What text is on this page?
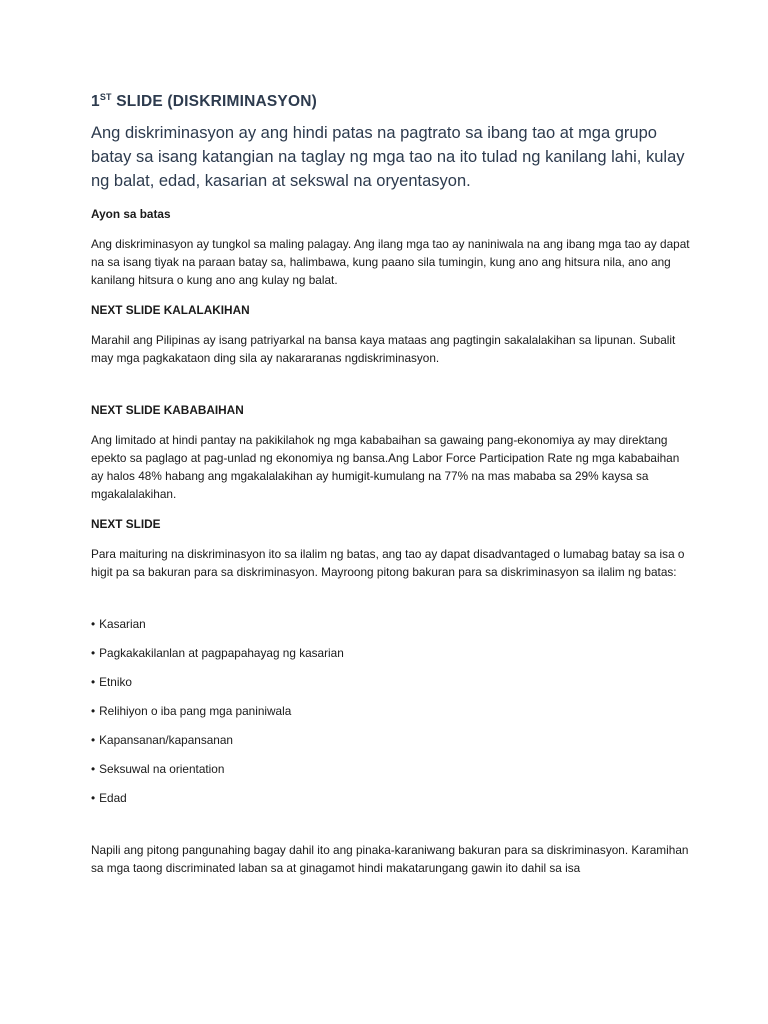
1ST SLIDE (DISKRIMINASYON)

Ang diskriminasyon ay ang hindi patas na pagtrato sa ibang tao at mga grupo batay sa isang katangian na taglay ng mga tao na ito tulad ng kanilang lahi, kulay ng balat, edad, kasarian at sekswal na oryentasyon.

Ayon sa batas

Ang diskriminasyon ay tungkol sa maling palagay. Ang ilang mga tao ay naniniwala na ang ibang mga tao ay dapat na sa isang tiyak na paraan batay sa, halimbawa, kung paano sila tumingin, kung ano ang hitsura nila, ano ang kanilang hitsura o kung ano ang kulay ng balat.

NEXT SLIDE KALALAKIHAN

Marahil ang Pilipinas ay isang patriyarkal na bansa kaya mataas ang pagtingin sakalalakihan sa lipunan. Subalit may mga pagkakataon ding sila ay nakararanas ngdiskriminasyon.

NEXT SLIDE KABABAIHAN

Ang limitado at hindi pantay na pakikilahok ng mga kababaihan sa gawaing pang-ekonomiya ay may direktang epekto sa paglago at pag-unlad ng ekonomiya ng bansa.Ang Labor Force Participation Rate ng mga kababaihan ay halos 48% habang ang mgakalalakihan ay humigit-kumulang na 77% na mas mababa sa 29% kaysa sa mgakalalakihan.

NEXT SLIDE

Para maituring na diskriminasyon ito sa ilalim ng batas, ang tao ay dapat disadvantaged o lumabag batay sa isa o higit pa sa bakuran para sa diskriminasyon. Mayroong pitong bakuran para sa diskriminasyon sa ilalim ng batas:

• Kasarian
• Pagkakakilanlan at pagpapahayag ng kasarian
• Etniko
• Relihiyon o iba pang mga paniniwala
• Kapansanan/kapansanan
• Seksuwal na orientation
• Edad

Napili ang pitong pangunahing bagay dahil ito ang pinaka-karaniwang bakuran para sa diskriminasyon. Karamihan sa mga taong discriminated laban sa at ginagamot hindi makatarungang gawin ito dahil sa isa
